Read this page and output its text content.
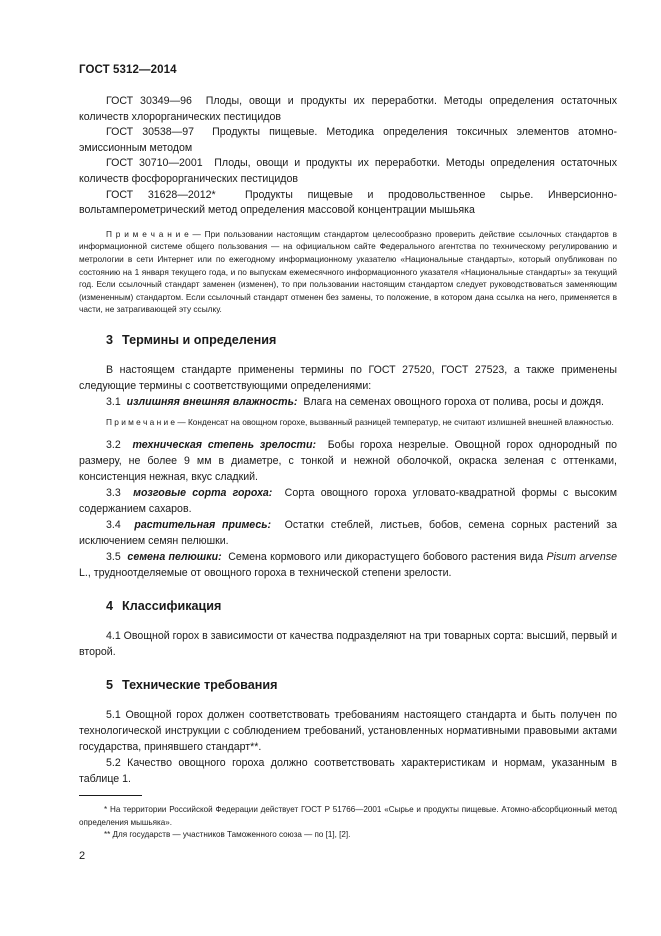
ГОСТ 5312—2014

ГОСТ 30349—96 Плоды, овощи и продукты их переработки. Методы определения остаточных количеств хлорорганических пестицидов

ГОСТ 30538—97 Продукты пищевые. Методика определения токсичных элементов атомно-эмиссионным методом

ГОСТ 30710—2001 Плоды, овощи и продукты их переработки. Методы определения остаточных количеств фосфорорганических пестицидов

ГОСТ 31628—2012*	Продукты пищевые и продовольственное сырье. Инверсионно-вольтамперометрический метод определения массовой концентрации мышьяка

П р и м е ч а н и е — При пользовании настоящим стандартом целесообразно проверить действие ссылочных стандартов в информационной системе общего пользования — на официальном сайте Федерального агентства по техническому регулированию и метрологии в сети Интернет или по ежегодному информационному указателю «Национальные стандарты», который опубликован по состоянию на 1 января текущего года, и по выпускам ежемесячного информационного указателя «Национальные стандарты» за текущий год. Если ссылочный стандарт заменен (изменен), то при пользовании настоящим стандартом следует руководствоваться заменяющим (измененным) стандартом. Если ссылочный стандарт отменен без замены, то положение, в котором дана ссылка на него, применяется в части, не затрагивающей эту ссылку.

3 Термины и определения

В настоящем стандарте применены термины по ГОСТ 27520, ГОСТ 27523, а также применены следующие термины с соответствующими определениями:

3.1 излишняя внешняя влажность: Влага на семенах овощного гороха от полива, росы и дождя.

П р и м е ч а н и е — Конденсат на овощном горохе, вызванный разницей температур, не считают излишней внешней влажностью.

3.2 техническая степень зрелости: Бобы гороха незрелые. Овощной горох однородный по размеру, не более 9 мм в диаметре, с тонкой и нежной оболочкой, окраска зеленая с оттенками, консистенция нежная, вкус сладкий.

3.3 мозговые сорта гороха: Сорта овощного гороха угловато-квадратной формы с высоким содержанием сахаров.

3.4 растительная примесь: Остатки стеблей, листьев, бобов, семена сорных растений за исключением семян пелюшки.

3.5 семена пелюшки: Семена кормового или дикорастущего бобового растения вида Pisum arvense L., трудноотделяемые от овощного гороха в технической степени зрелости.

4 Классификация

4.1 Овощной горох в зависимости от качества подразделяют на три товарных сорта: высший, первый и второй.

5 Технические требования

5.1 Овощной горох должен соответствовать требованиям настоящего стандарта и быть получен по технологической инструкции с соблюдением требований, установленных нормативными правовыми актами государства, принявшего стандарт**.

5.2 Качество овощного гороха должно соответствовать характеристикам и нормам, указанным в таблице 1.

* На территории Российской Федерации действует ГОСТ Р 51766—2001 «Сырье и продукты пищевые. Атомно-абсорбционный метод определения мышьяка».

** Для государств — участников Таможенного союза — по [1], [2].

2
